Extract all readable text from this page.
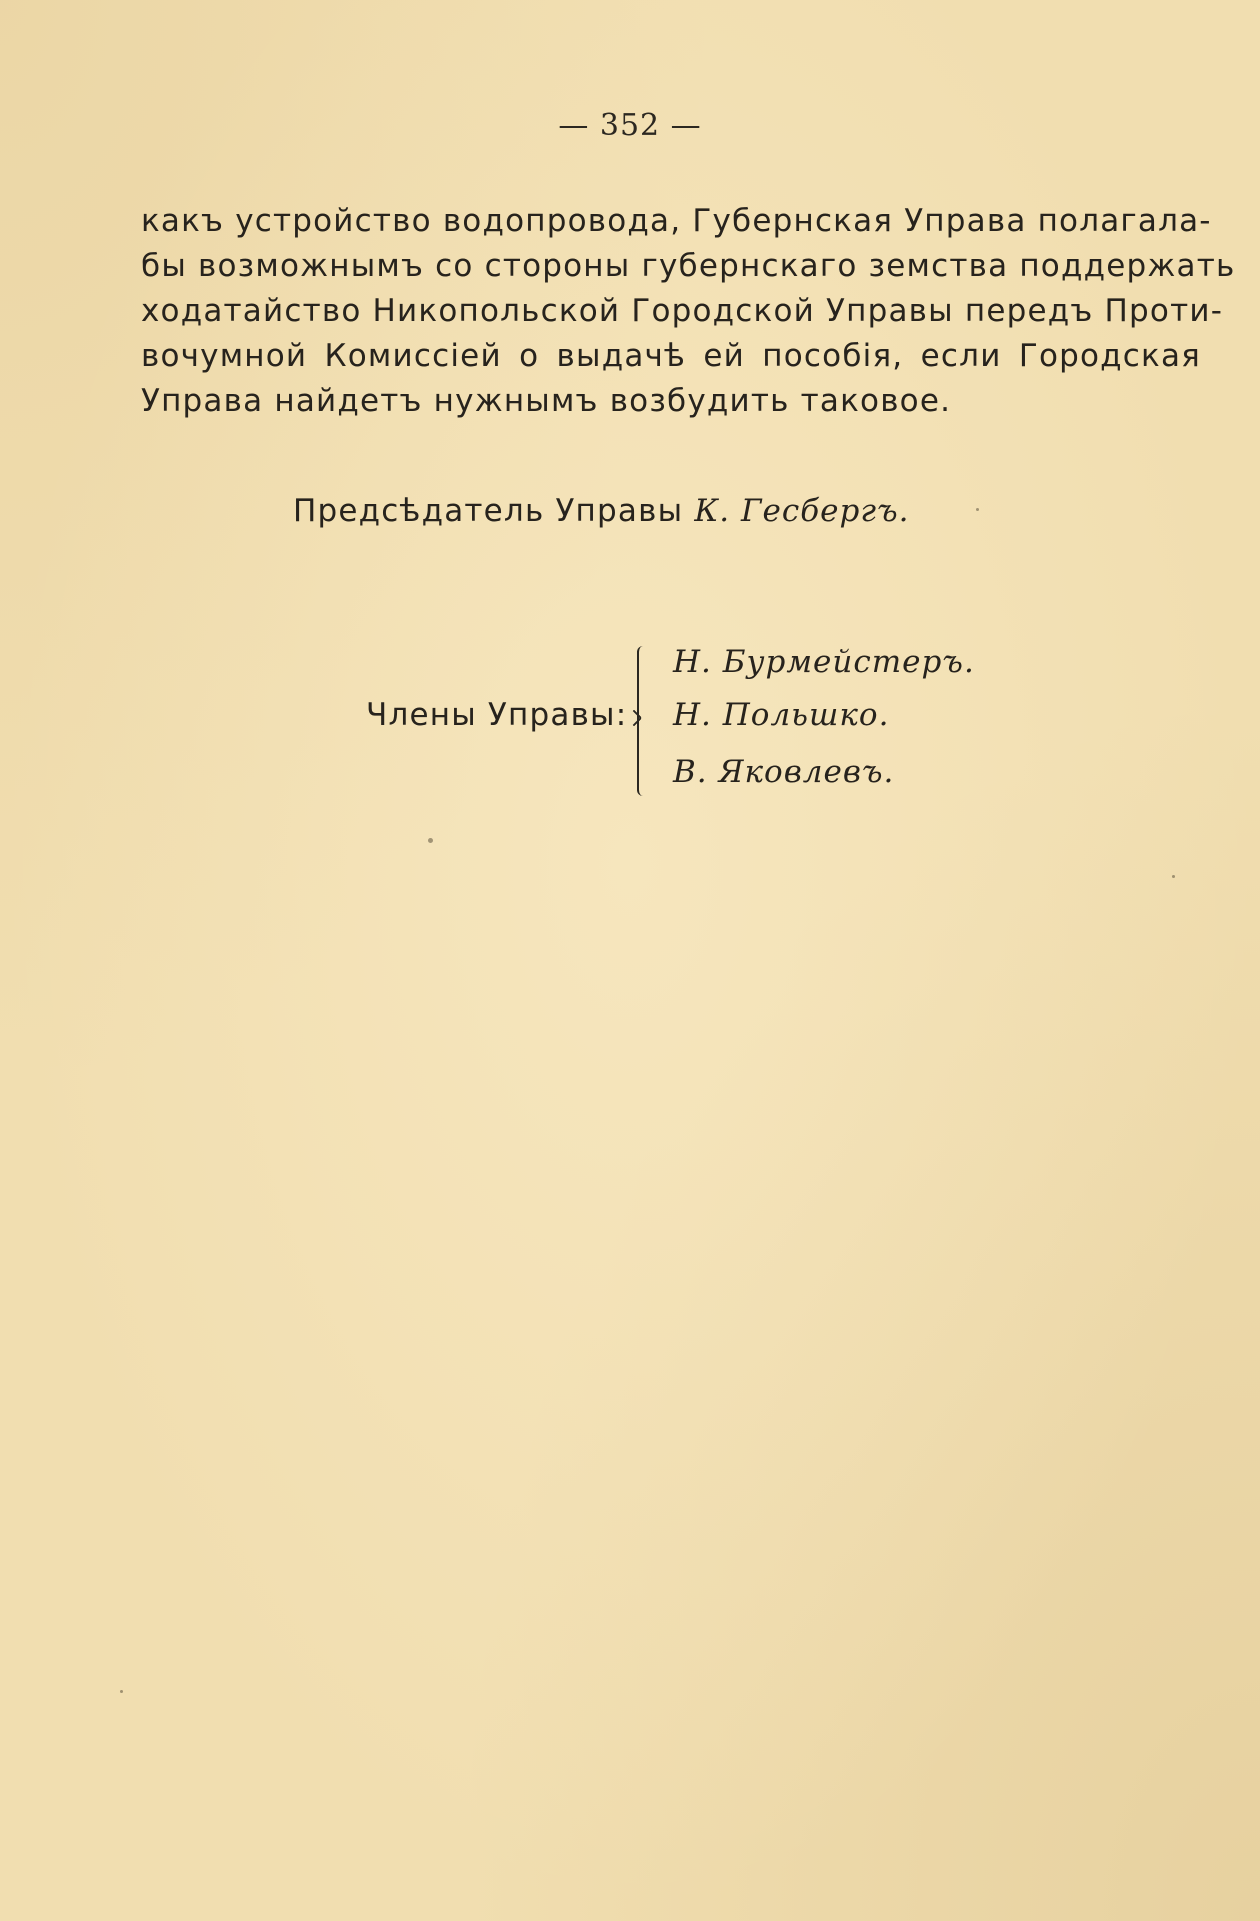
— 352 —
какъ устройство водопровода, Губернская Управа полагала-
бы возможнымъ со стороны губернскаго земства поддержать
ходатайство Никопольской Городской Управы передъ Проти-
вочумной Комиссіей о выдачѣ ей пособія, если Городская
Управа найдетъ нужнымъ возбудить таковое.
Предсѣдатель Управы К. Гесбергъ.
Члены Управы:
Н. Бурмейстеръ.
Н. Польшко.
В. Яковлевъ.
